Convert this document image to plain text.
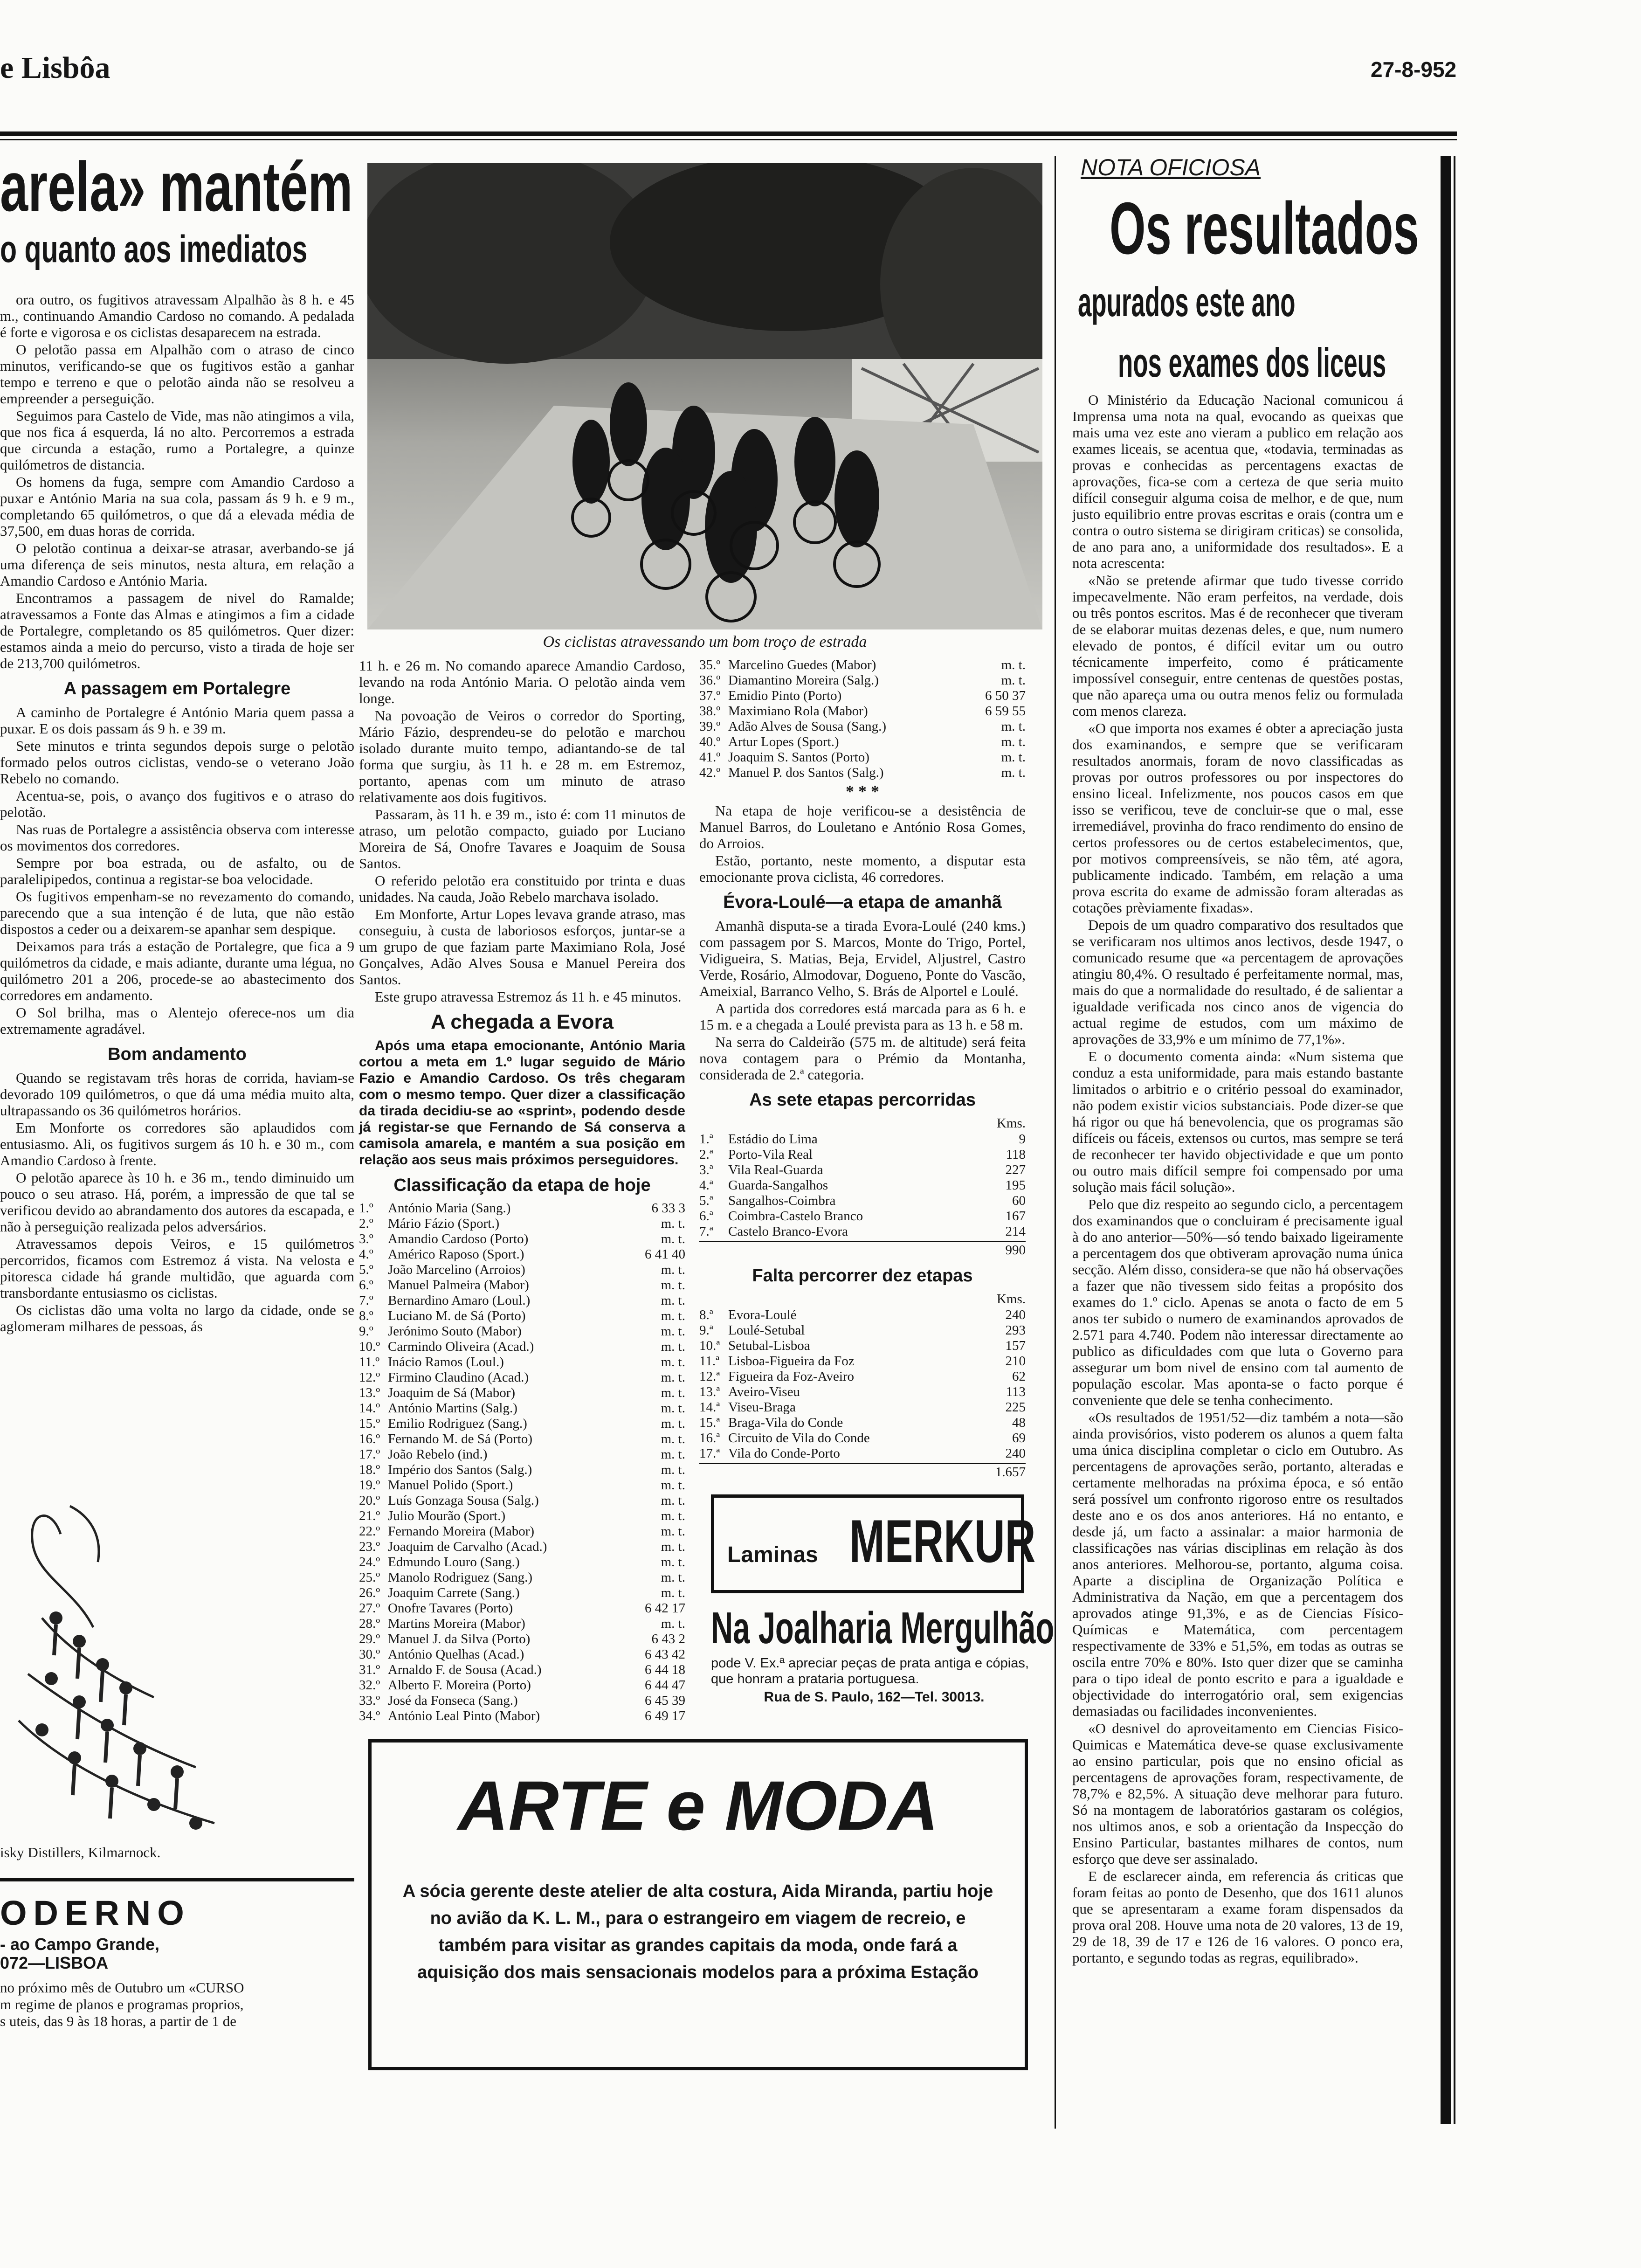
e Lisbôa	27-8-952
arela» mantém
o quanto aos imediatos

ora outro, os fugitivos atravessam Alpalhão às 8 h. e 45 m., continuando Amandio Cardoso no comando. A pedalada é forte e vigorosa e os ciclistas desaparecem na estrada.

O pelotão passa em Alpalhão com o atraso de cinco minutos, verificando-se que os fugitivos estão a ganhar tempo e terreno e que o pelotão ainda não se resolveu a empreender a perseguição.

Seguimos para Castelo de Vide, mas não atingimos a vila, que nos fica á esquerda, lá no alto. Percorremos a estrada que circunda a estação, rumo a Portalegre, a quinze quilómetros de distancia.

Os homens da fuga, sempre com Amandio Cardoso a puxar e António Maria na sua cola, passam ás 9 h. e 9 m., completando 65 quilómetros, o que dá a elevada média de 37,500, em duas horas de corrida.

O pelotão continua a deixar-se atrasar, averbando-se já uma diferença de seis minutos, nesta altura, em relação a Amandio Cardoso e António Maria.

Encontramos a passagem de nivel do Ramalde; atravessamos a Fonte das Almas e atingimos a fim a cidade de Portalegre, completando os 85 quilómetros. Quer dizer: estamos ainda a meio do percurso, visto a tirada de hoje ser de 213,700 quilómetros.

A passagem em Portalegre

A caminho de Portalegre é António Maria quem passa a puxar. E os dois passam ás 9 h. e 39 m.

Sete minutos e trinta segundos depois surge o pelotão formado pelos outros ciclistas, vendo-se o veterano João Rebelo no comando.

Acentua-se, pois, o avanço dos fugitivos e o atraso do pelotão.

Nas ruas de Portalegre a assistência observa com interesse os movimentos dos corredores.

Sempre por boa estrada, ou de asfalto, ou de paralelipipedos, continua a registar-se boa velocidade.

Os fugitivos empenham-se no revezamento do comando, parecendo que a sua intenção é de luta, que não estão dispostos a ceder ou a deixarem-se apanhar sem despique.

Deixamos para trás a estação de Portalegre, que fica a 9 quilómetros da cidade, e mais adiante, durante uma légua, no quilómetro 201 a 206, procede-se ao abastecimento dos corredores em andamento.

O Sol brilha, mas o Alentejo oferece-nos um dia extremamente agradável.

Bom andamento

Quando se registavam três horas de corrida, haviam-se devorado 109 quilómetros, o que dá uma média muito alta, ultrapassando os 36 quilómetros horários.

Em Monforte os corredores são aplaudidos com entusiasmo. Ali, os fugitivos surgem ás 10 h. e 30 m., com Amandio Cardoso à frente.

O pelotão aparece às 10 h. e 36 m., tendo diminuido um pouco o seu atraso. Há, porém, a impressão de que tal se verificou devido ao abrandamento dos autores da escapada, e não à perseguição realizada pelos adversários.

Atravessamos depois Veiros, e 15 quilómetros percorridos, ficamos com Estremoz á vista. Na velosta e pitoresca cidade há grande multidão, que aguarda com transbordante entusiasmo os ciclistas.

Os ciclistas dão uma volta no largo da cidade, onde se aglomeram milhares de pessoas, ás

isky Distillers, Kilmarnock.
ODERNO
- ao Campo Grande,
072—LISBOA
no próximo mês de Outubro um «CURSO
m regime de planos e programas proprios,
s uteis, das 9 às 18 horas, a partir de 1 de
Os ciclistas atravessando um bom troço de estrada

11 h. e 26 m. No comando aparece Amandio Cardoso, levando na roda António Maria. O pelotão ainda vem longe.

Na povoação de Veiros o corredor do Sporting, Mário Fázio, desprendeu-se do pelotão e marchou isolado durante muito tempo, adiantando-se de tal forma que surgiu, às 11 h. e 28 m. em Estremoz, portanto, apenas com um minuto de atraso relativamente aos dois fugitivos.

Passaram, às 11 h. e 39 m., isto é: com 11 minutos de atraso, um pelotão compacto, guiado por Luciano Moreira de Sá, Onofre Tavares e Joaquim de Sousa Santos.

O referido pelotão era constituido por trinta e duas unidades. Na cauda, João Rebelo marchava isolado.

Em Monforte, Artur Lopes levava grande atraso, mas conseguiu, à custa de laboriosos esforços, juntar-se a um grupo de que faziam parte Maximiano Rola, José Gonçalves, Adão Alves Sousa e Manuel Pereira dos Santos.

Este grupo atravessa Estremoz ás 11 h. e 45 minutos.

A chegada a Evora

Após uma etapa emocionante, António Maria cortou a meta em 1.º lugar seguido de Mário Fazio e Amandio Cardoso. Os três chegaram com o mesmo tempo. Quer dizer a classificação da tirada decidiu-se ao «sprint», podendo desde já registar-se que Fernando de Sá conserva a camisola amarela, e mantém a sua posição em relação aos seus mais próximos perseguidores.

Classificação da etapa de hoje
1.º	António Maria (Sang.)	6 33 3
2.º	Mário Fázio (Sport.)	m. t.
3.º	Amandio Cardoso (Porto)	m. t.
4.º	Américo Raposo (Sport.)	6 41 40
5.º	João Marcelino (Arroios)	m. t.
6.º	Manuel Palmeira (Mabor)	m. t.
7.º	Bernardino Amaro (Loul.)	m. t.
8.º	Luciano M. de Sá (Porto)	m. t.
9.º	Jerónimo Souto (Mabor)	m. t.
10.º	Carmindo Oliveira (Acad.)	m. t.
11.º	Inácio Ramos (Loul.)	m. t.
12.º	Firmino Claudino (Acad.)	m. t.
13.º	Joaquim de Sá (Mabor)	m. t.
14.º	António Martins (Salg.)	m. t.
15.º	Emilio Rodriguez (Sang.)	m. t.
16.º	Fernando M. de Sá (Porto)	m. t.
17.º	João Rebelo (ind.)	m. t.
18.º	Império dos Santos (Salg.)	m. t.
19.º	Manuel Polido (Sport.)	m. t.
20.º	Luís Gonzaga Sousa (Salg.)	m. t.
21.º	Julio Mourão (Sport.)	m. t.
22.º	Fernando Moreira (Mabor)	m. t.
23.º	Joaquim de Carvalho (Acad.)	m. t.
24.º	Edmundo Louro (Sang.)	m. t.
25.º	Manolo Rodriguez (Sang.)	m. t.
26.º	Joaquim Carrete (Sang.)	m. t.
27.º	Onofre Tavares (Porto)	6 42 17
28.º	Martins Moreira (Mabor)	m. t.
29.º	Manuel J. da Silva (Porto)	6 43 2
30.º	António Quelhas (Acad.)	6 43 42
31.º	Arnaldo F. de Sousa (Acad.)	6 44 18
32.º	Alberto F. Moreira (Porto)	6 44 47
33.º	José da Fonseca (Sang.)	6 45 39
34.º	António Leal Pinto (Mabor)	6 49 17
35.º	Marcelino Guedes (Mabor)	m. t.
36.º	Diamantino Moreira (Salg.)	m. t.
37.º	Emidio Pinto (Porto)	6 50 37
38.º	Maximiano Rola (Mabor)	6 59 55
39.º	Adão Alves de Sousa (Sang.)	m. t.
40.º	Artur Lopes (Sport.)	m. t.
41.º	Joaquim S. Santos (Porto)	m. t.
42.º	Manuel P. dos Santos (Salg.)	m. t.
* * *

Na etapa de hoje verificou-se a desistência de Manuel Barros, do Louletano e António Rosa Gomes, do Arroios.

Estão, portanto, neste momento, a disputar esta emocionante prova ciclista, 46 corredores.

Évora-Loulé—a etapa de amanhã

Amanhã disputa-se a tirada Evora-Loulé (240 kms.) com passagem por S. Marcos, Monte do Trigo, Portel, Vidigueira, S. Matias, Beja, Ervidel, Aljustrel, Castro Verde, Rosário, Almodovar, Dogueno, Ponte do Vascão, Ameixial, Barranco Velho, S. Brás de Alportel e Loulé.

A partida dos corredores está marcada para as 6 h. e 15 m. e a chegada a Loulé prevista para as 13 h. e 58 m.

Na serra do Caldeirão (575 m. de altitude) será feita nova contagem para o Prémio da Montanha, considerada de 2.ª categoria.

As sete etapas percorridas
Kms.
1.ª	Estádio do Lima	9
2.ª	Porto-Vila Real	118
3.ª	Vila Real-Guarda	227
4.ª	Guarda-Sangalhos	195
5.ª	Sangalhos-Coimbra	60
6.ª	Coimbra-Castelo Branco	167
7.ª	Castelo Branco-Evora	214
990
Falta percorrer dez etapas
Kms.
8.ª	Evora-Loulé	240
9.ª	Loulé-Setubal	293
10.ª	Setubal-Lisboa	157
11.ª	Lisboa-Figueira da Foz	210
12.ª	Figueira da Foz-Aveiro	62
13.ª	Aveiro-Viseu	113
14.ª	Viseu-Braga	225
15.ª	Braga-Vila do Conde	48
16.ª	Circuito de Vila do Conde	69
17.ª	Vila do Conde-Porto	240
1.657
Laminas MERKUR
Na Joalharia Mergulhão
pode V. Ex.ª apreciar peças de prata antiga e cópias, que honram a prataria portuguesa.
Rua de S. Paulo, 162—Tel. 30013.
ARTE e MODA
A sócia gerente deste atelier de alta costura, Aida Miranda, partiu hoje no avião da K. L. M., para o estrangeiro em viagem de recreio, e também para visitar as grandes capitais da moda, onde fará a aquisição dos mais sensacionais modelos para a próxima Estação
NOTA OFICIOSA
Os resultados
apurados este ano
nos exames dos liceus

O Ministério da Educação Nacional comunicou á Imprensa uma nota na qual, evocando as queixas que mais uma vez este ano vieram a publico em relação aos exames liceais, se acentua que, «todavia, terminadas as provas e conhecidas as percentagens exactas de aprovações, fica-se com a certeza de que seria muito difícil conseguir alguma coisa de melhor, e de que, num justo equilibrio entre provas escritas e orais (contra um e contra o outro sistema se dirigiram criticas) se consolida, de ano para ano, a uniformidade dos resultados». E a nota acrescenta:

«Não se pretende afirmar que tudo tivesse corrido impecavelmente. Não eram perfeitos, na verdade, dois ou três pontos escritos. Mas é de reconhecer que tiveram de se elaborar muitas dezenas deles, e que, num numero elevado de pontos, é difícil evitar um ou outro técnicamente imperfeito, como é práticamente impossível conseguir, entre centenas de questões postas, que não apareça uma ou outra menos feliz ou formulada com menos clareza.

«O que importa nos exames é obter a apreciação justa dos examinandos, e sempre que se verificaram resultados anormais, foram de novo classificadas as provas por outros professores ou por inspectores do ensino liceal. Infelizmente, nos poucos casos em que isso se verificou, teve de concluir-se que o mal, esse irremediável, provinha do fraco rendimento do ensino de certos professores ou de certos estabelecimentos, que, por motivos compreensíveis, se não têm, até agora, publicamente indicado. Também, em relação a uma prova escrita do exame de admissão foram alteradas as cotações prèviamente fixadas».

Depois de um quadro comparativo dos resultados que se verificaram nos ultimos anos lectivos, desde 1947, o comunicado resume que «a percentagem de aprovações atingiu 80,4%. O resultado é perfeitamente normal, mas, mais do que a normalidade do resultado, é de salientar a igualdade verificada nos cinco anos de vigencia do actual regime de estudos, com um máximo de aprovações de 33,9% e um mínimo de 77,1%».

E o documento comenta ainda: «Num sistema que conduz a esta uniformidade, para mais estando bastante limitados o arbitrio e o critério pessoal do examinador, não podem existir vicios substanciais. Pode dizer-se que há rigor ou que há benevolencia, que os programas são difíceis ou fáceis, extensos ou curtos, mas sempre se terá de reconhecer ter havido objectividade e que um ponto ou outro mais difícil sempre foi compensado por uma solução mais fácil solução».

Pelo que diz respeito ao segundo ciclo, a percentagem dos examinandos que o concluiram é precisamente igual à do ano anterior—50%—só tendo baixado ligeiramente a percentagem dos que obtiveram aprovação numa única secção. Além disso, considera-se que não há observações a fazer que não tivessem sido feitas a propósito dos exames do 1.º ciclo. Apenas se anota o facto de em 5 anos ter subido o numero de examinandos aprovados de 2.571 para 4.740. Podem não interessar directamente ao publico as dificuldades com que luta o Governo para assegurar um bom nivel de ensino com tal aumento de população escolar. Mas aponta-se o facto porque é conveniente que dele se tenha conhecimento.

«Os resultados de 1951/52—diz também a nota—são ainda provisórios, visto poderem os alunos a quem falta uma única disciplina completar o ciclo em Outubro. As percentagens de aprovações serão, portanto, alteradas e certamente melhoradas na próxima época, e só então será possível um confronto rigoroso entre os resultados deste ano e os dos anos anteriores. Há no entanto, e desde já, um facto a assinalar: a maior harmonia de classificações nas várias disciplinas em relação às dos anos anteriores. Melhorou-se, portanto, alguma coisa. Aparte a disciplina de Organização Política e Administrativa da Nação, em que a percentagem dos aprovados atinge 91,3%, e as de Ciencias Físico-Químicas e Matemática, com percentagem respectivamente de 33% e 51,5%, em todas as outras se oscila entre 70% e 80%. Isto quer dizer que se caminha para o tipo ideal de ponto escrito e para a igualdade e objectividade do interrogatório oral, sem exigencias demasiadas ou facilidades inconvenientes.

«O desnivel do aproveitamento em Ciencias Fisico-Quimicas e Matemática deve-se quase exclusivamente ao ensino particular, pois que no ensino oficial as percentagens de aprovações foram, respectivamente, de 78,7% e 82,5%. A situação deve melhorar para futuro. Só na montagem de laboratórios gastaram os colégios, nos ultimos anos, e sob a orientação da Inspecção do Ensino Particular, bastantes milhares de contos, num esforço que deve ser assinalado.

E de esclarecer ainda, em referencia ás criticas que foram feitas ao ponto de Desenho, que dos 1611 alunos que se apresentaram a exame foram dispensados da prova oral 208. Houve uma nota de 20 valores, 13 de 19, 29 de 18, 39 de 17 e 126 de 16 valores. O ponco era, portanto, e segundo todas as regras, equilibrado».
